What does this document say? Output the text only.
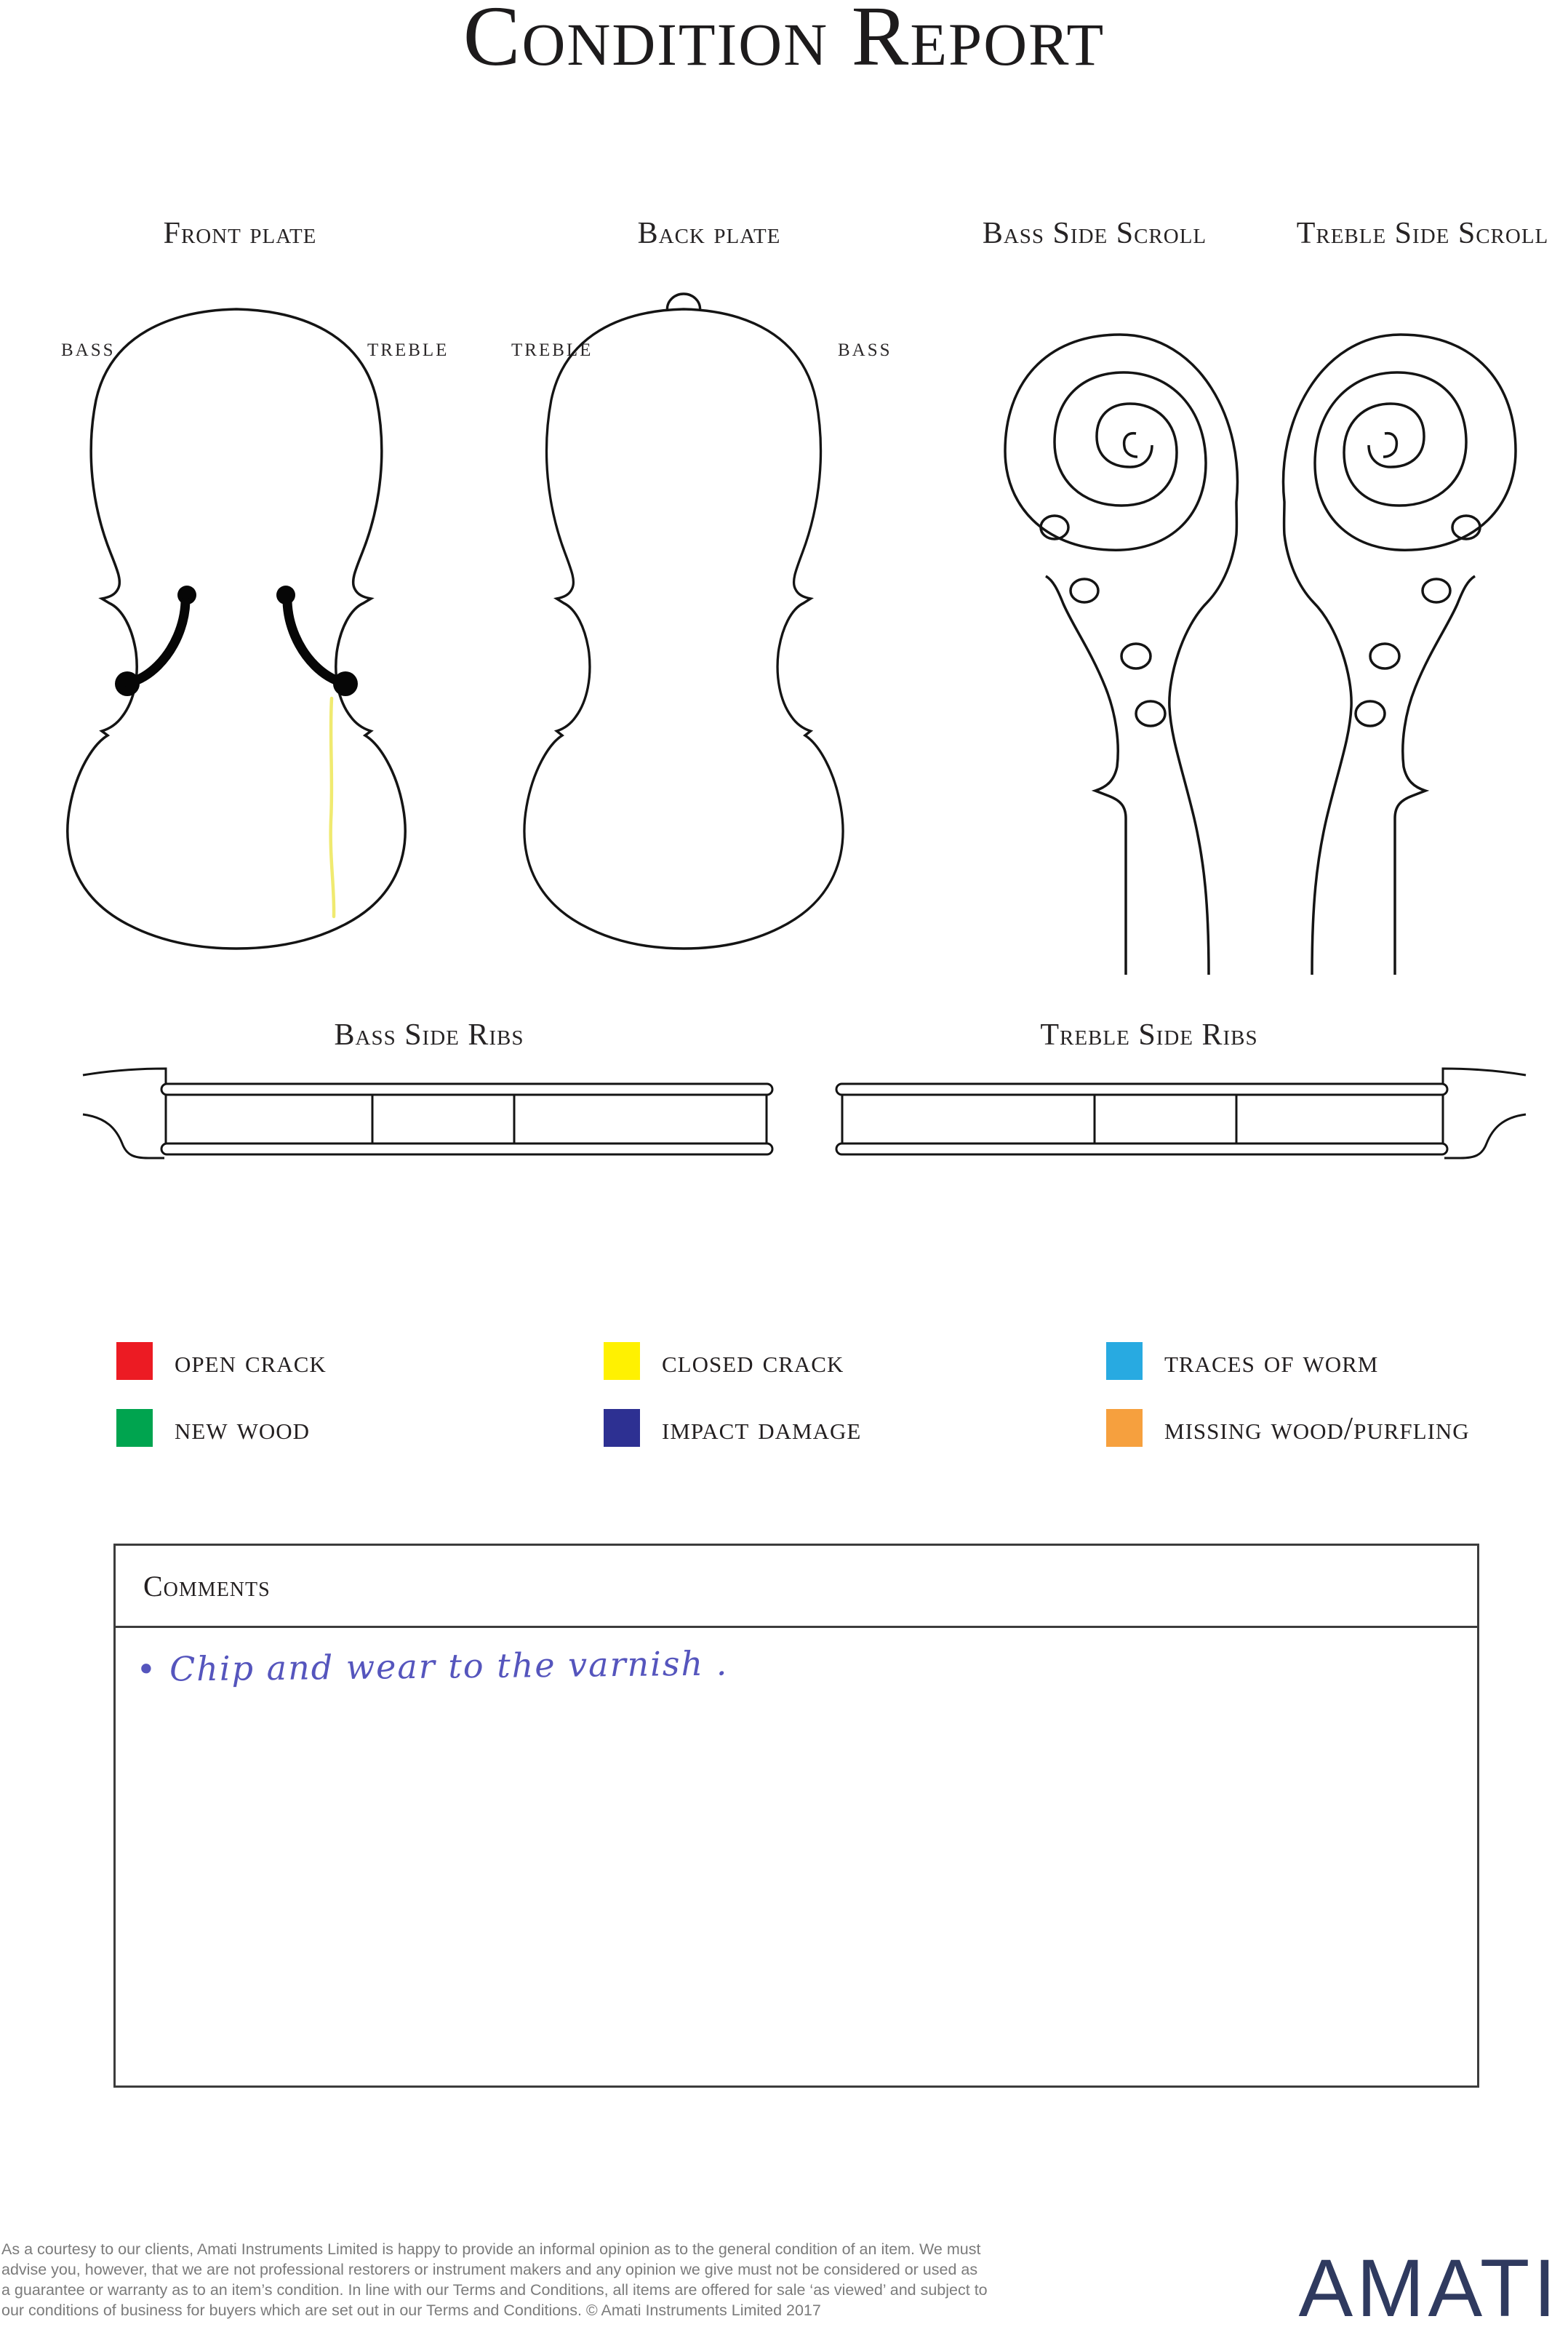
Condition Report
Front plate	Back plate	Bass Side Scroll	Treble Side Scroll
BASS	TREBLE	TREBLE	BASS
Bass Side Ribs	Treble Side Ribs
open crack	closed crack	traces of worm
new wood	impact damage	missing wood/purfling
Comments
• Chip and wear to the varnish .
As a courtesy to our clients, Amati Instruments Limited is happy to provide an informal opinion as to the general condition of an item. We must
advise you, however, that we are not professional restorers or instrument makers and any opinion we give must not be considered or used as
a guarantee or warranty as to an item’s condition. In line with our Terms and Conditions, all items are offered for sale ‘as viewed’ and subject to
our conditions of business for buyers which are set out in our Terms and Conditions. © Amati Instruments Limited 2017	AMATI
